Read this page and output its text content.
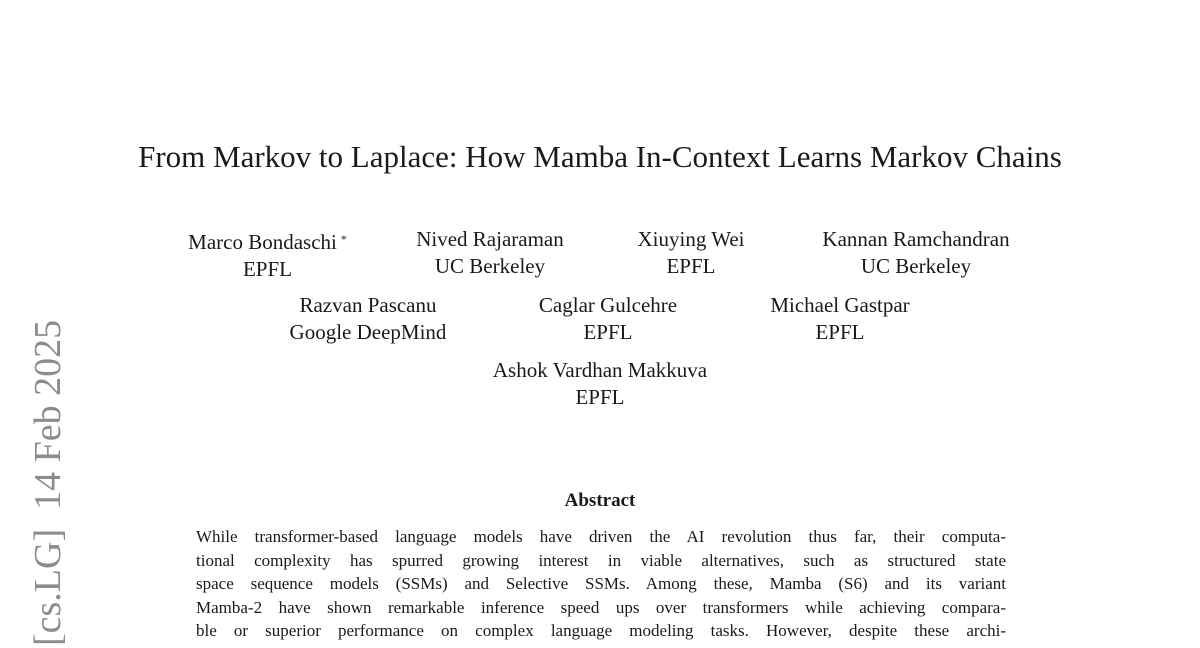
[cs.LG]  14 Feb 2025
From Markov to Laplace: How Mamba In-Context Learns Markov Chains
Marco Bondaschi *
EPFL
Nived Rajaraman
UC Berkeley
Xiuying Wei
EPFL
Kannan Ramchandran
UC Berkeley
Razvan Pascanu
Google DeepMind
Caglar Gulcehre
EPFL
Michael Gastpar
EPFL
Ashok Vardhan Makkuva
EPFL
Abstract
While transformer-based language models have driven the AI revolution thus far, their computa-
tional complexity has spurred growing interest in viable alternatives, such as structured state
space sequence models (SSMs) and Selective SSMs. Among these, Mamba (S6) and its variant
Mamba-2 have shown remarkable inference speed ups over transformers while achieving compara-
ble or superior performance on complex language modeling tasks. However, despite these archi-
